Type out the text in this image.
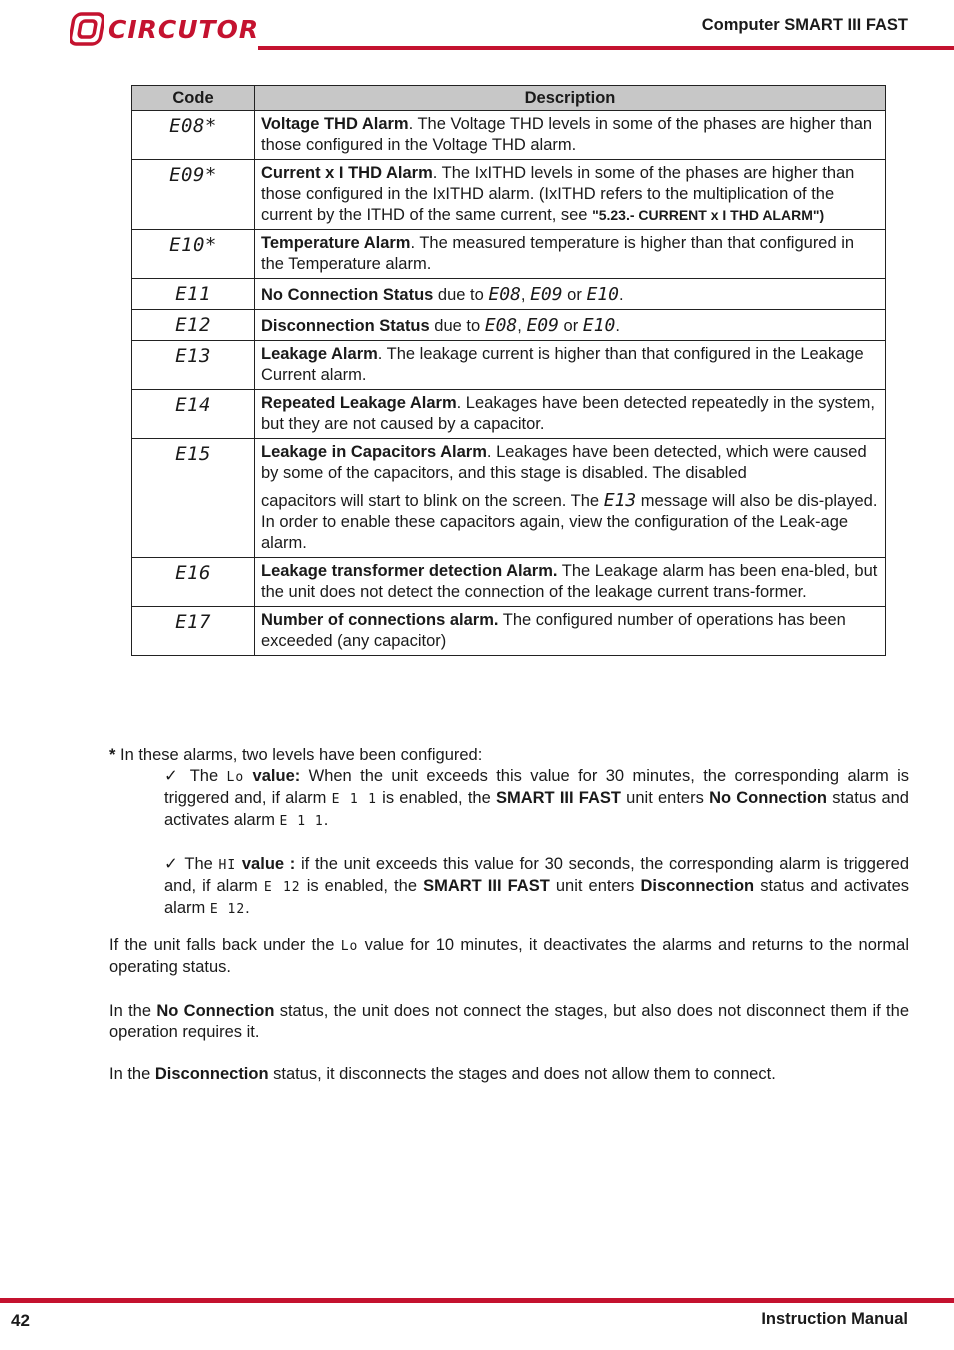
CIRCUTOR	Computer SMART III FAST
Code	Description
E08*	Voltage THD Alarm. The Voltage THD levels in some of the phases are higher than those configured in the Voltage THD alarm.
E09*	Current x I THD Alarm. The IxITHD levels in some of the phases are higher than those configured in the IxITHD alarm. (IxITHD refers to the multiplication of the current by the ITHD of the same current, see "5.23.- CURRENT x I THD ALARM")
E10*	Temperature Alarm. The measured temperature is higher than that configured in the Temperature alarm.
E11	No Connection Status due to E08, E09 or E10.
E12	Disconnection Status due to E08, E09 or E10.
E13	Leakage Alarm. The leakage current is higher than that configured in the Leakage Current alarm.
E14	Repeated Leakage Alarm. Leakages have been detected repeatedly in the system,
but they are not caused by a capacitor.

E15	Leakage in Capacitors Alarm. Leakages have been detected, which were caused by some of the capacitors, and this stage is disabled. The disabled
capacitors will start to blink on the screen. The E13 message will also be dis-played.
In order to enable these capacitors again, view the configuration of the Leak-age alarm.

E16	Leakage transformer detection Alarm. The Leakage alarm has been ena-bled, but the unit does not detect the connection of the leakage current trans-former.
E17	Number of connections alarm. The configured number of operations has been exceeded (any capacitor)
* In these alarms, two levels have been configured:
✓ The Lo value: When the unit exceeds this value for 30 minutes, the corresponding alarm is triggered and, if alarm E 1 1 is enabled, the SMART III FAST unit enters No Connection status and activates alarm E 1 1.
✓ The HI value : if the unit exceeds this value for 30 seconds, the corresponding alarm is triggered and, if alarm E 12 is enabled, the SMART III FAST unit enters Disconnection status and activates alarm E 12.
If the unit falls back under the Lo value for 10 minutes, it deactivates the alarms and returns to the normal operating status.
In the No Connection status, the unit does not connect the stages, but also does not disconnect them if the operation requires it.
In the Disconnection status, it disconnects the stages and does not allow them to connect.
42	Instruction Manual
